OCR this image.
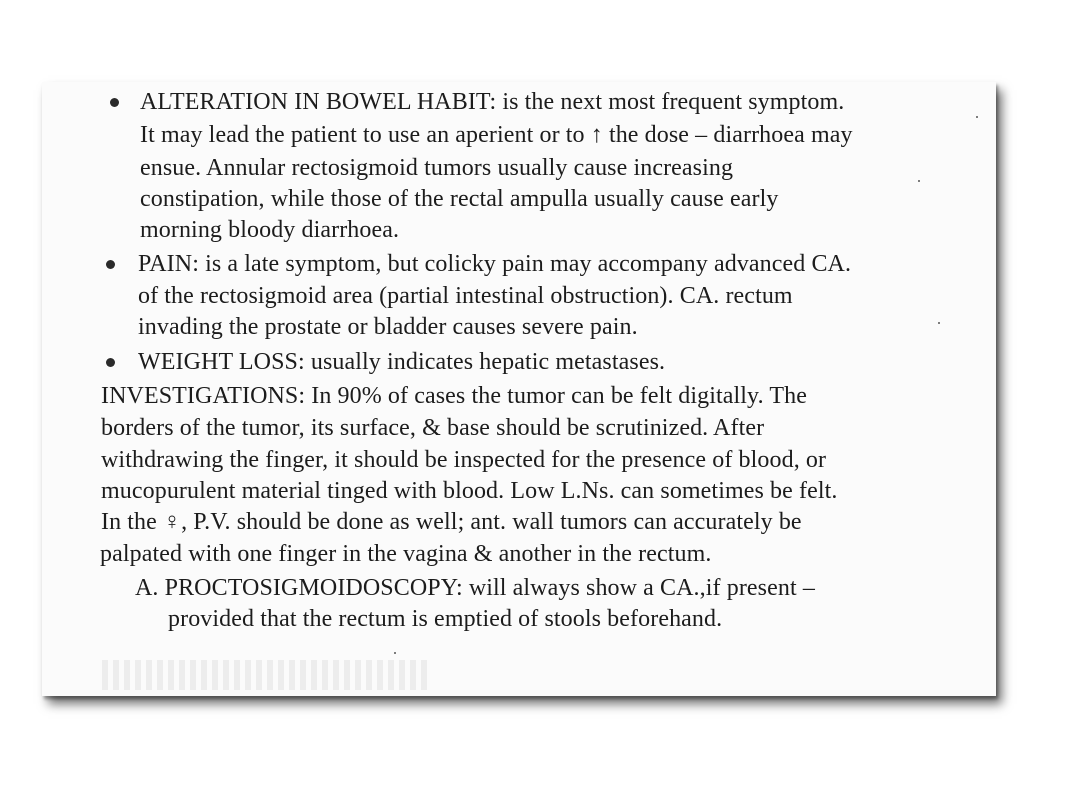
ALTERATION IN BOWEL HABIT: is the next most frequent symptom.
It may lead the patient to use an aperient or to ↑ the dose – diarrhoea may
ensue. Annular rectosigmoid tumors usually cause increasing
constipation, while those of the rectal ampulla usually cause early
morning bloody diarrhoea.
PAIN: is a late symptom, but colicky pain may accompany advanced CA.
of the rectosigmoid area (partial intestinal obstruction). CA. rectum
invading the prostate or bladder causes severe pain.
WEIGHT LOSS: usually indicates hepatic metastases.
INVESTIGATIONS: In 90% of cases the tumor can be felt digitally. The
borders of the tumor, its surface, & base should be scrutinized. After
withdrawing the finger, it should be inspected for the presence of blood, or
mucopurulent material tinged with blood. Low L.Ns. can sometimes be felt.
In the ♀, P.V. should be done as well; ant. wall tumors can accurately be
palpated with one finger in the vagina & another in the rectum.
A. PROCTOSIGMOIDOSCOPY: will always show a CA.,if present –
provided that the rectum is emptied of stools beforehand.
